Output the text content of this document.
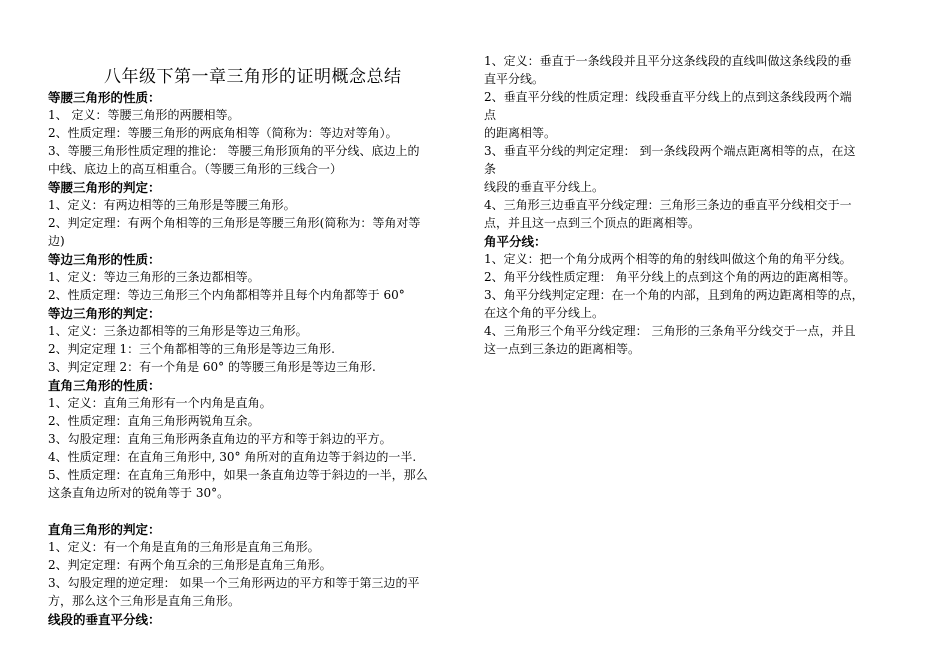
八年级下第一章三角形的证明概念总结
等腰三角形的性质：
1、 定义：等腰三角形的两腰相等。
2、性质定理：等腰三角形的两底角相等（简称为：等边对等角）。
3、等腰三角形性质定理的推论： 等腰三角形顶角的平分线、底边上的
中线、底边上的高互相重合。（等腰三角形的三线合一）
等腰三角形的判定：
1、定义：有两边相等的三角形是等腰三角形。
2、判定定理：有两个角相等的三角形是等腰三角形(简称为：等角对等
边)
等边三角形的性质：
1、定义：等边三角形的三条边都相等。
2、性质定理：等边三角形三个内角都相等并且每个内角都等于 60°
等边三角形的判定：
1、定义：三条边都相等的三角形是等边三角形。
2、判定定理 1：三个角都相等的三角形是等边三角形.
3、判定定理 2：有一个角是 60° 的等腰三角形是等边三角形.
直角三角形的性质：
1、定义：直角三角形有一个内角是直角。
2、性质定理：直角三角形两锐角互余。
3、勾股定理：直角三角形两条直角边的平方和等于斜边的平方。
4、性质定理：在直角三角形中, 30° 角所对的直角边等于斜边的一半.
5、性质定理：在直角三角形中，如果一条直角边等于斜边的一半，那么
这条直角边所对的锐角等于 30°。
直角三角形的判定：
1、定义：有一个角是直角的三角形是直角三角形。
2、判定定理：有两个角互余的三角形是直角三角形。
3、勾股定理的逆定理： 如果一个三角形两边的平方和等于第三边的平
方，那么这个三角形是直角三角形。
线段的垂直平分线：
1、定义：垂直于一条线段并且平分这条线段的直线叫做这条线段的垂
直平分线。
2、垂直平分线的性质定理：线段垂直平分线上的点到这条线段两个端
点
的距离相等。
3、垂直平分线的判定定理： 到一条线段两个端点距离相等的点，在这
条
线段的垂直平分线上。
4、三角形三边垂直平分线定理：三角形三条边的垂直平分线相交于一
点，并且这一点到三个顶点的距离相等。
角平分线：
1、定义：把一个角分成两个相等的角的射线叫做这个角的角平分线。
2、角平分线性质定理： 角平分线上的点到这个角的两边的距离相等。
3、角平分线判定定理：在一个角的内部，且到角的两边距离相等的点，
在这个角的平分线上。
4、三角形三个角平分线定理： 三角形的三条角平分线交于一点，并且
这一点到三条边的距离相等。
